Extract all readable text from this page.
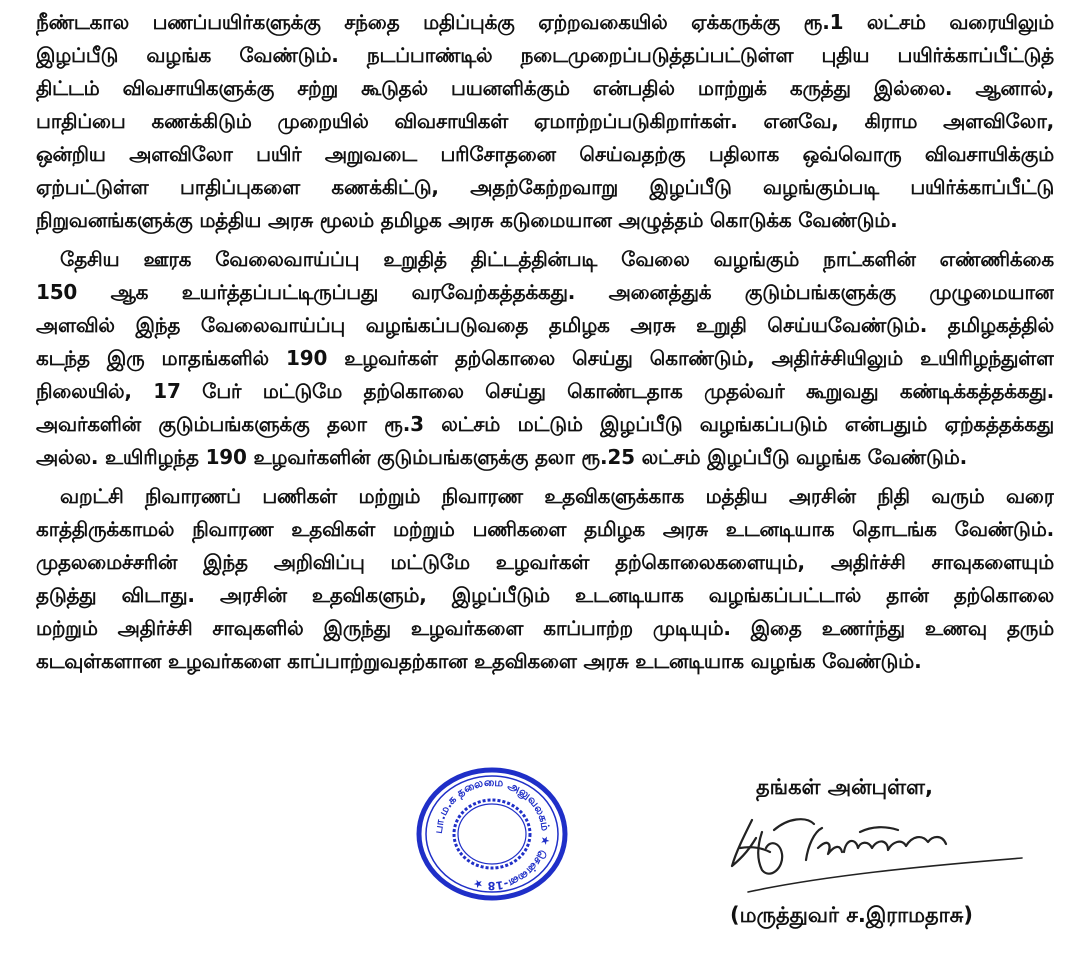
நீண்டகால பணப்பயிர்களுக்கு சந்தை மதிப்புக்கு ஏற்றவகையில் ஏக்கருக்கு ரூ.1 லட்சம் வரையிலும்
இழப்பீடு வழங்க வேண்டும். நடப்பாண்டில் நடைமுறைப்படுத்தப்பட்டுள்ள புதிய பயிர்க்காப்பீட்டுத்
திட்டம் விவசாயிகளுக்கு சற்று கூடுதல் பயனளிக்கும் என்பதில் மாற்றுக் கருத்து இல்லை. ஆனால்,
பாதிப்பை கணக்கிடும் முறையில் விவசாயிகள் ஏமாற்றப்படுகிறார்கள். எனவே, கிராம அளவிலோ,
ஒன்றிய அளவிலோ பயிர் அறுவடை பரிசோதனை செய்வதற்கு பதிலாக ஒவ்வொரு விவசாயிக்கும்
ஏற்பட்டுள்ள பாதிப்புகளை கணக்கிட்டு, அதற்கேற்றவாறு இழப்பீடு வழங்கும்படி பயிர்க்காப்பீட்டு
நிறுவனங்களுக்கு மத்திய அரசு மூலம் தமிழக அரசு கடுமையான அழுத்தம் கொடுக்க வேண்டும்.
தேசிய ஊரக வேலைவாய்ப்பு உறுதித் திட்டத்தின்படி வேலை வழங்கும் நாட்களின் எண்ணிக்கை
150 ஆக உயர்த்தப்பட்டிருப்பது வரவேற்கத்தக்கது. அனைத்துக் குடும்பங்களுக்கு முழுமையான
அளவில் இந்த வேலைவாய்ப்பு வழங்கப்படுவதை தமிழக அரசு உறுதி செய்யவேண்டும். தமிழகத்தில்
கடந்த இரு மாதங்களில் 190 உழவர்கள் தற்கொலை செய்து கொண்டும், அதிர்ச்சியிலும் உயிரிழந்துள்ள
நிலையில், 17 பேர் மட்டுமே தற்கொலை செய்து கொண்டதாக முதல்வர் கூறுவது கண்டிக்கத்தக்கது.
அவர்களின் குடும்பங்களுக்கு தலா ரூ.3 லட்சம் மட்டும் இழப்பீடு வழங்கப்படும் என்பதும் ஏற்கத்தக்கது
அல்ல. உயிரிழந்த 190 உழவர்களின் குடும்பங்களுக்கு தலா ரூ.25 லட்சம் இழப்பீடு வழங்க வேண்டும்.
வறட்சி நிவாரணப் பணிகள் மற்றும் நிவாரண உதவிகளுக்காக மத்திய அரசின் நிதி வரும் வரை
காத்திருக்காமல் நிவாரண உதவிகள் மற்றும் பணிகளை தமிழக அரசு உடனடியாக தொடங்க வேண்டும்.
முதலமைச்சரின் இந்த அறிவிப்பு மட்டுமே உழவர்கள் தற்கொலைகளையும், அதிர்ச்சி சாவுகளையும்
தடுத்து விடாது. அரசின் உதவிகளும், இழப்பீடும் உடனடியாக வழங்கப்பட்டால் தான் தற்கொலை
மற்றும் அதிர்ச்சி சாவுகளில் இருந்து உழவர்களை காப்பாற்ற முடியும். இதை உணர்ந்து உணவு தரும்
கடவுள்களான உழவர்களை காப்பாற்றுவதற்கான உதவிகளை அரசு உடனடியாக வழங்க வேண்டும்.
பா.ம.க தலைமை அலுவலகம் ★ சென்னை-18 ★
தங்கள் அன்புள்ள,
(மருத்துவர் ச.இராமதாசு)
